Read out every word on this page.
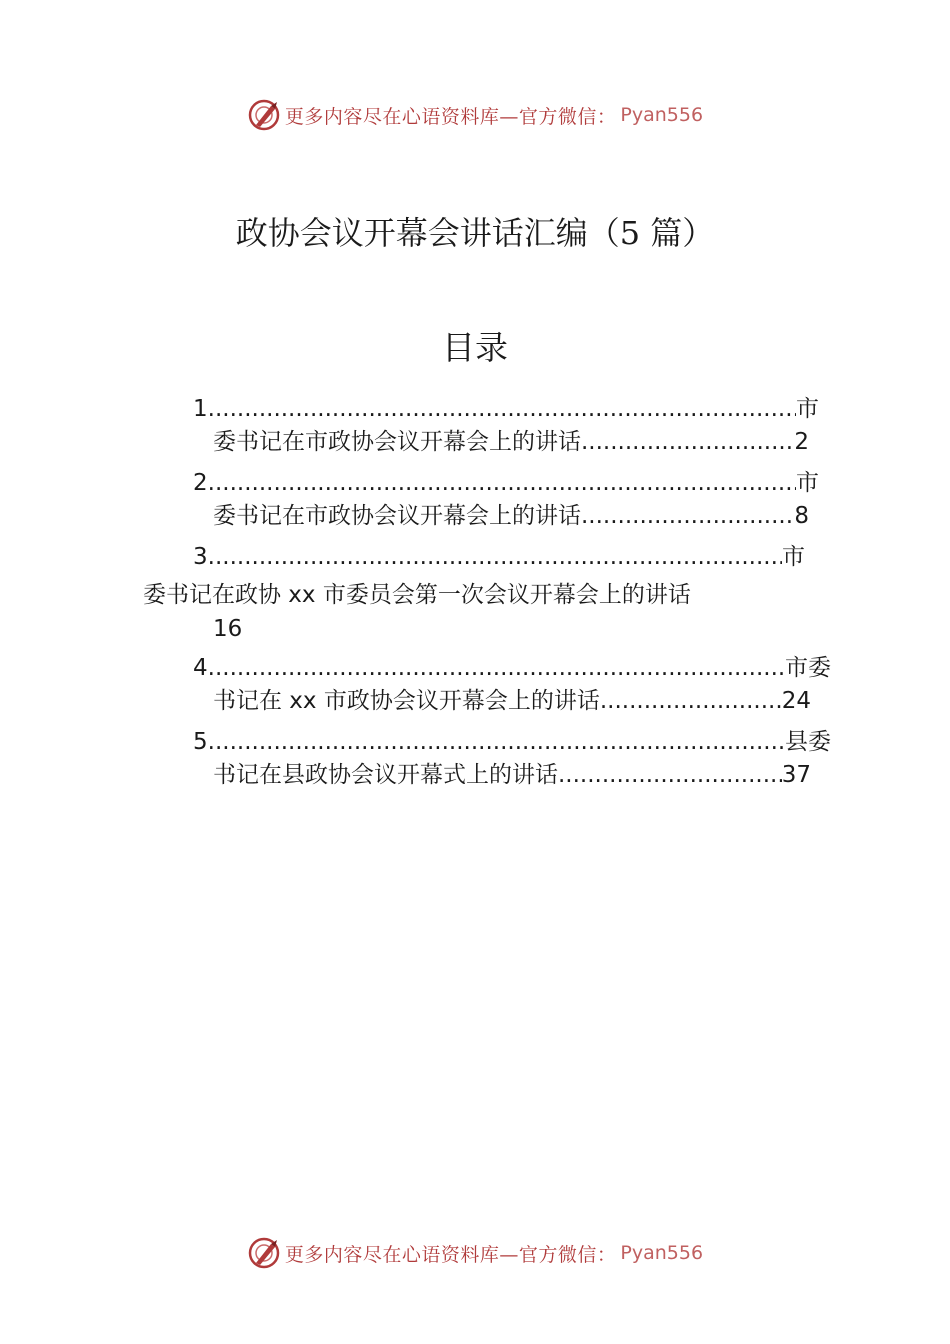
更多内容尽在心语资料库—官方微信： Pyan556
政协会议开幕会讲话汇编（5 篇）
目录
1 .....	市
委书记在市政协会议开幕会上的讲话 .....	2
2 .....	市
委书记在市政协会议开幕会上的讲话 .....	8
3 .....	市
委书记在政协 xx 市委员会第一次会议开幕会上的讲话
16
4 .....	市委
书记在 xx 市政协会议开幕会上的讲话 .....	24
5 .....	县委
书记在县政协会议开幕式上的讲话 .....	37
更多内容尽在心语资料库—官方微信： Pyan556
